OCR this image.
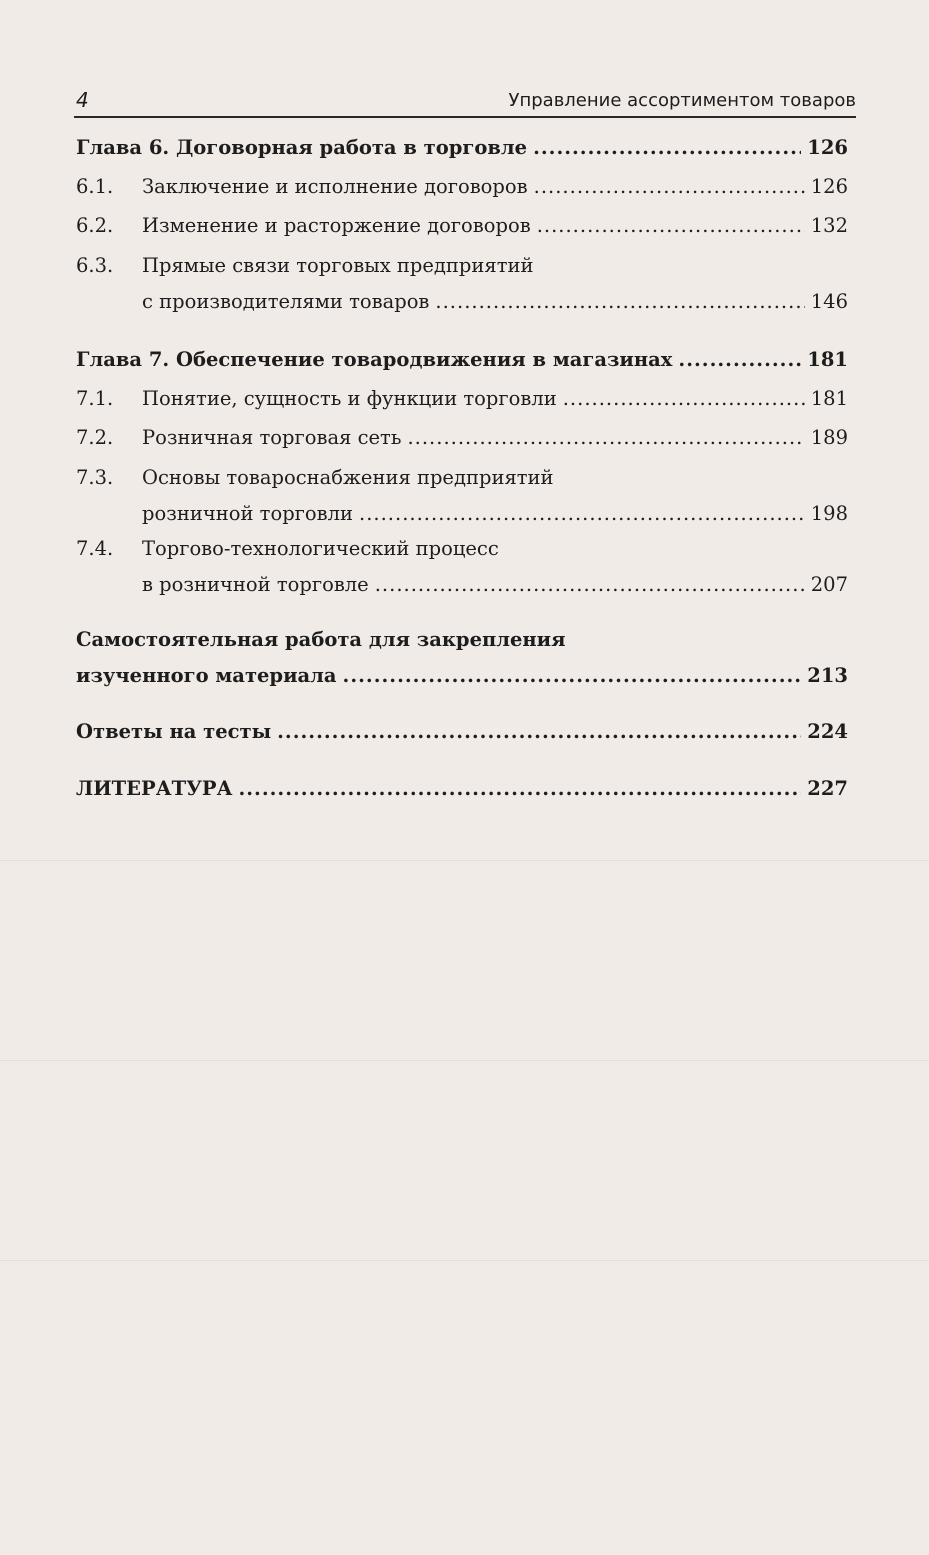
4	Управление ассортиментом товаров
Глава 6. Договорная работа в торговле .....	126
6.1.	Заключение и исполнение договоров .....	126
6.2.	Изменение и расторжение договоров .....	132
6.3.	Прямые связи торговых предприятий
с производителями товаров .....	146
Глава 7. Обеспечение товародвижения в магазинах .....	181
7.1.	Понятие, сущность и функции торговли .....	181
7.2.	Розничная торговая сеть .....	189
7.3.	Основы товароснабжения предприятий
розничной торговли .....	198
7.4.	Торгово-технологический процесс
в розничной торговле .....	207
Самостоятельная работа для закрепления
изученного материала .....	213
Ответы на тесты .....	224
ЛИТЕРАТУРА .....	227
